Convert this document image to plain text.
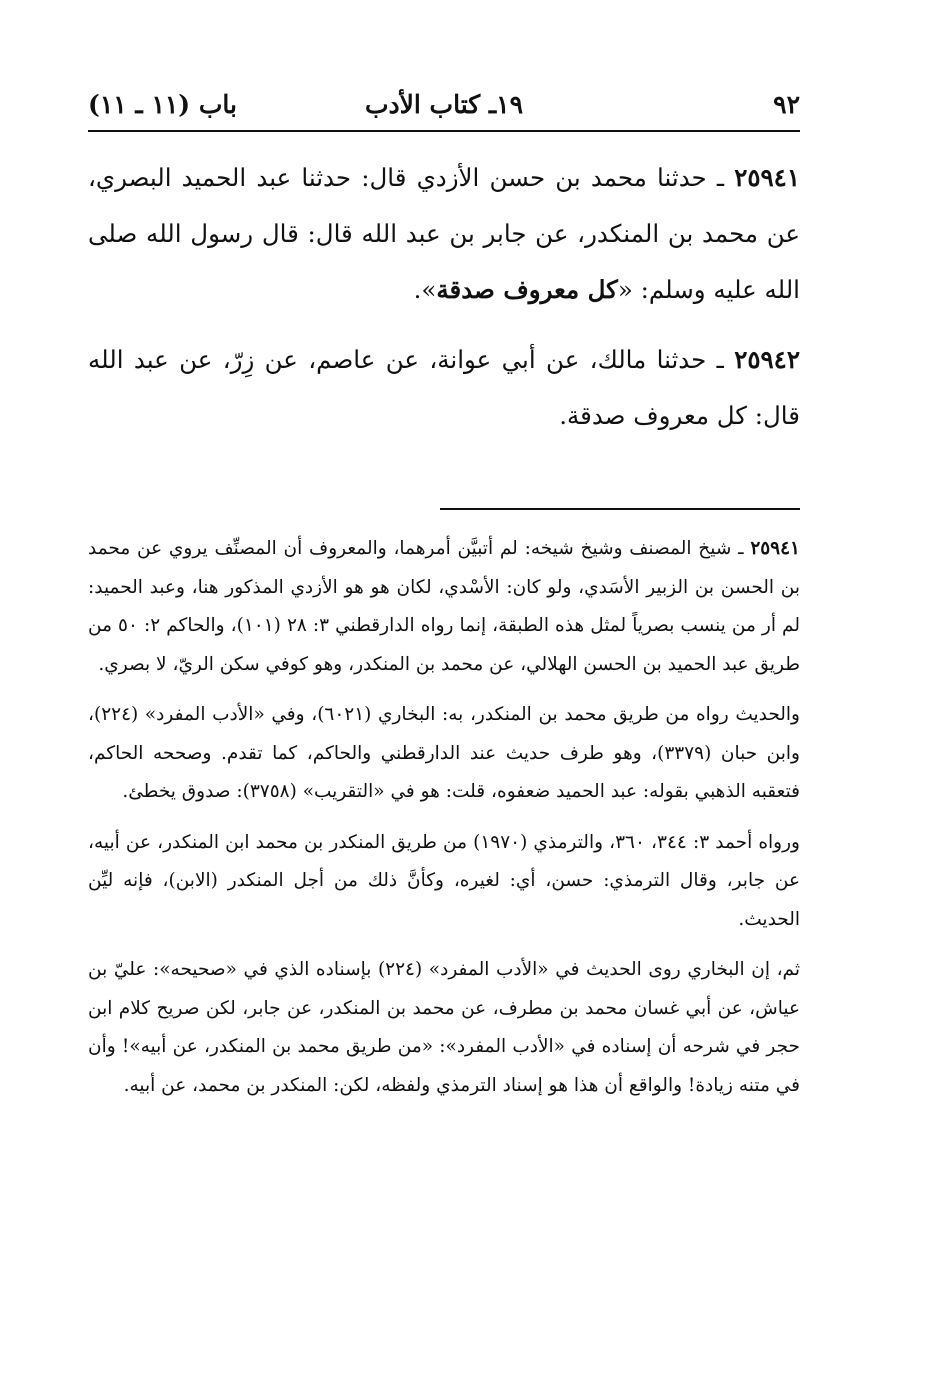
٩٢
١٩ـ كتاب الأدب
باب (١١ ـ ١١)

٢٥٩٤١ ـ حدثنا محمد بن حسن الأزدي قال: حدثنا عبد الحميد البصري، عن محمد بن المنكدر، عن جابر بن عبد الله قال: قال رسول الله صلى الله عليه وسلم: «كل معروف صدقة».

٢٥٩٤٢ ـ حدثنا مالك، عن أبي عوانة، عن عاصم، عن زِرّ، عن عبد الله قال: كل معروف صدقة.

٢٥٩٤١ ـ شيخ المصنف وشيخ شيخه: لم أتبيَّن أمرهما، والمعروف أن المصنِّف يروي عن محمد بن الحسن بن الزبير الأسَدي، ولو كان: الأسْدي، لكان هو هو الأزدي المذكور هنا، وعبد الحميد: لم أر من ينسب بصرياً لمثل هذه الطبقة، إنما رواه الدارقطني ٣: ٢٨ (١٠١)، والحاكم ٢: ٥٠ من طريق عبد الحميد بن الحسن الهلالي، عن محمد بن المنكدر، وهو كوفي سكن الريّ، لا بصري.

والحديث رواه من طريق محمد بن المنكدر، به: البخاري (٦٠٢١)، وفي «الأدب المفرد» (٢٢٤)، وابن حبان (٣٣٧٩)، وهو طرف حديث عند الدارقطني والحاكم، كما تقدم. وصححه الحاكم، فتعقبه الذهبي بقوله: عبد الحميد ضعفوه، قلت: هو في «التقريب» (٣٧٥٨): صدوق يخطئ.

ورواه أحمد ٣: ٣٤٤، ٣٦٠، والترمذي (١٩٧٠) من طريق المنكدر بن محمد ابن المنكدر، عن أبيه، عن جابر، وقال الترمذي: حسن، أي: لغيره، وكأنَّ ذلك من أجل المنكدر (الابن)، فإنه ليِّن الحديث.

ثم، إن البخاري روى الحديث في «الأدب المفرد» (٢٢٤) بإسناده الذي في «صحيحه»: عليّ بن عياش، عن أبي غسان محمد بن مطرف، عن محمد بن المنكدر، عن جابر، لكن صريح كلام ابن حجر في شرحه أن إسناده في «الأدب المفرد»: «من طريق محمد بن المنكدر، عن أبيه»! وأن في متنه زيادة! والواقع أن هذا هو إسناد الترمذي ولفظه، لكن: المنكدر بن محمد، عن أبيه.
